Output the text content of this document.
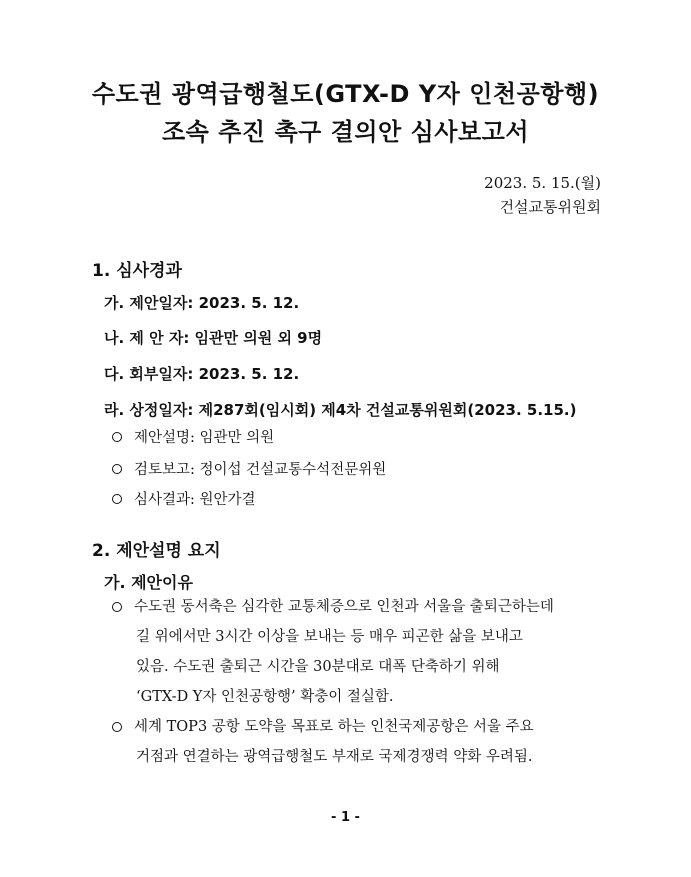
수도권 광역급행철도(GTX-D Y자 인천공항행)
조속 추진 촉구 결의안 심사보고서
2023. 5. 15.(월)
건설교통위원회
1. 심사경과
가. 제안일자: 2023. 5. 12.
나. 제 안 자: 임관만 의원 외 9명
다. 회부일자: 2023. 5. 12.
라. 상정일자: 제287회(임시회) 제4차 건설교통위원회(2023. 5.15.)
제안설명: 임관만 의원
검토보고: 정이섭 건설교통수석전문위원
심사결과: 원안가결
2. 제안설명 요지
가. 제안이유
수도권 동서축은 심각한 교통체증으로 인천과 서울을 출퇴근하는데
길 위에서만 3시간 이상을 보내는 등 매우 피곤한 삶을 보내고
있음. 수도권 출퇴근 시간을 30분대로 대폭 단축하기 위해
‘GTX-D Y자 인천공항행’ 확충이 절실함.
세계 TOP3 공항 도약을 목표로 하는 인천국제공항은 서울 주요
거점과 연결하는 광역급행철도 부재로 국제경쟁력 약화 우려됨.
- 1 -
